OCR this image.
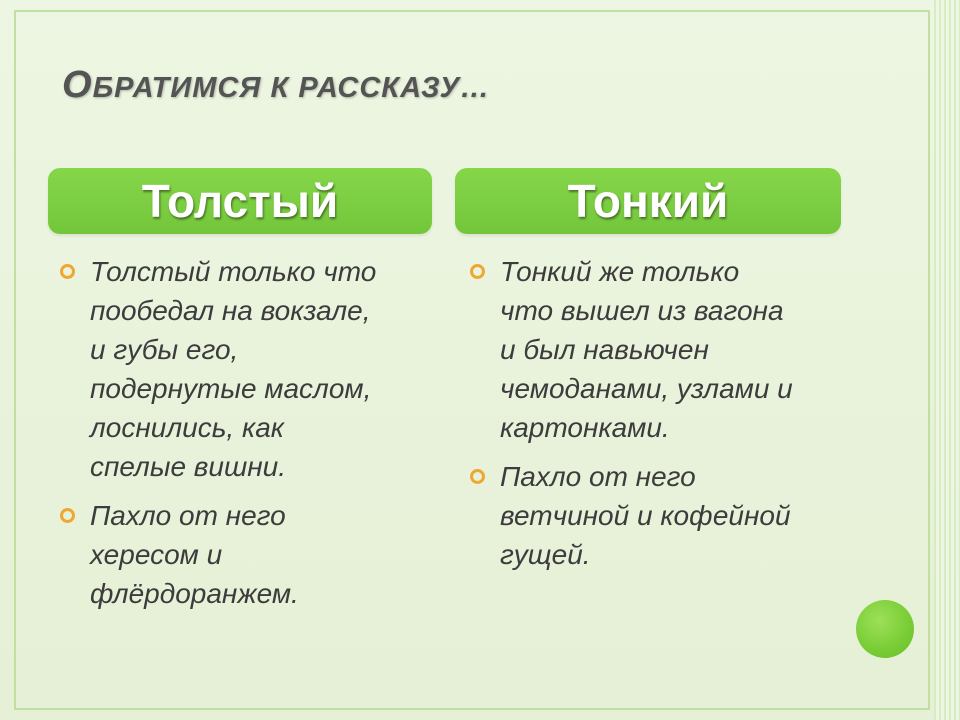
ОБРАТИМСЯ К РАССКАЗУ…
Толстый	Тонкий
Толстый только что
пообедал на вокзале,
и губы его,
подернутые маслом,
лоснились, как
спелые вишни.
Пахло от него
хересом и
флёрдоранжем.
Тонкий же только
что вышел из вагона
и был навьючен
чемоданами, узлами и
картонками.
Пахло от него
ветчиной и кофейной
гущей.
